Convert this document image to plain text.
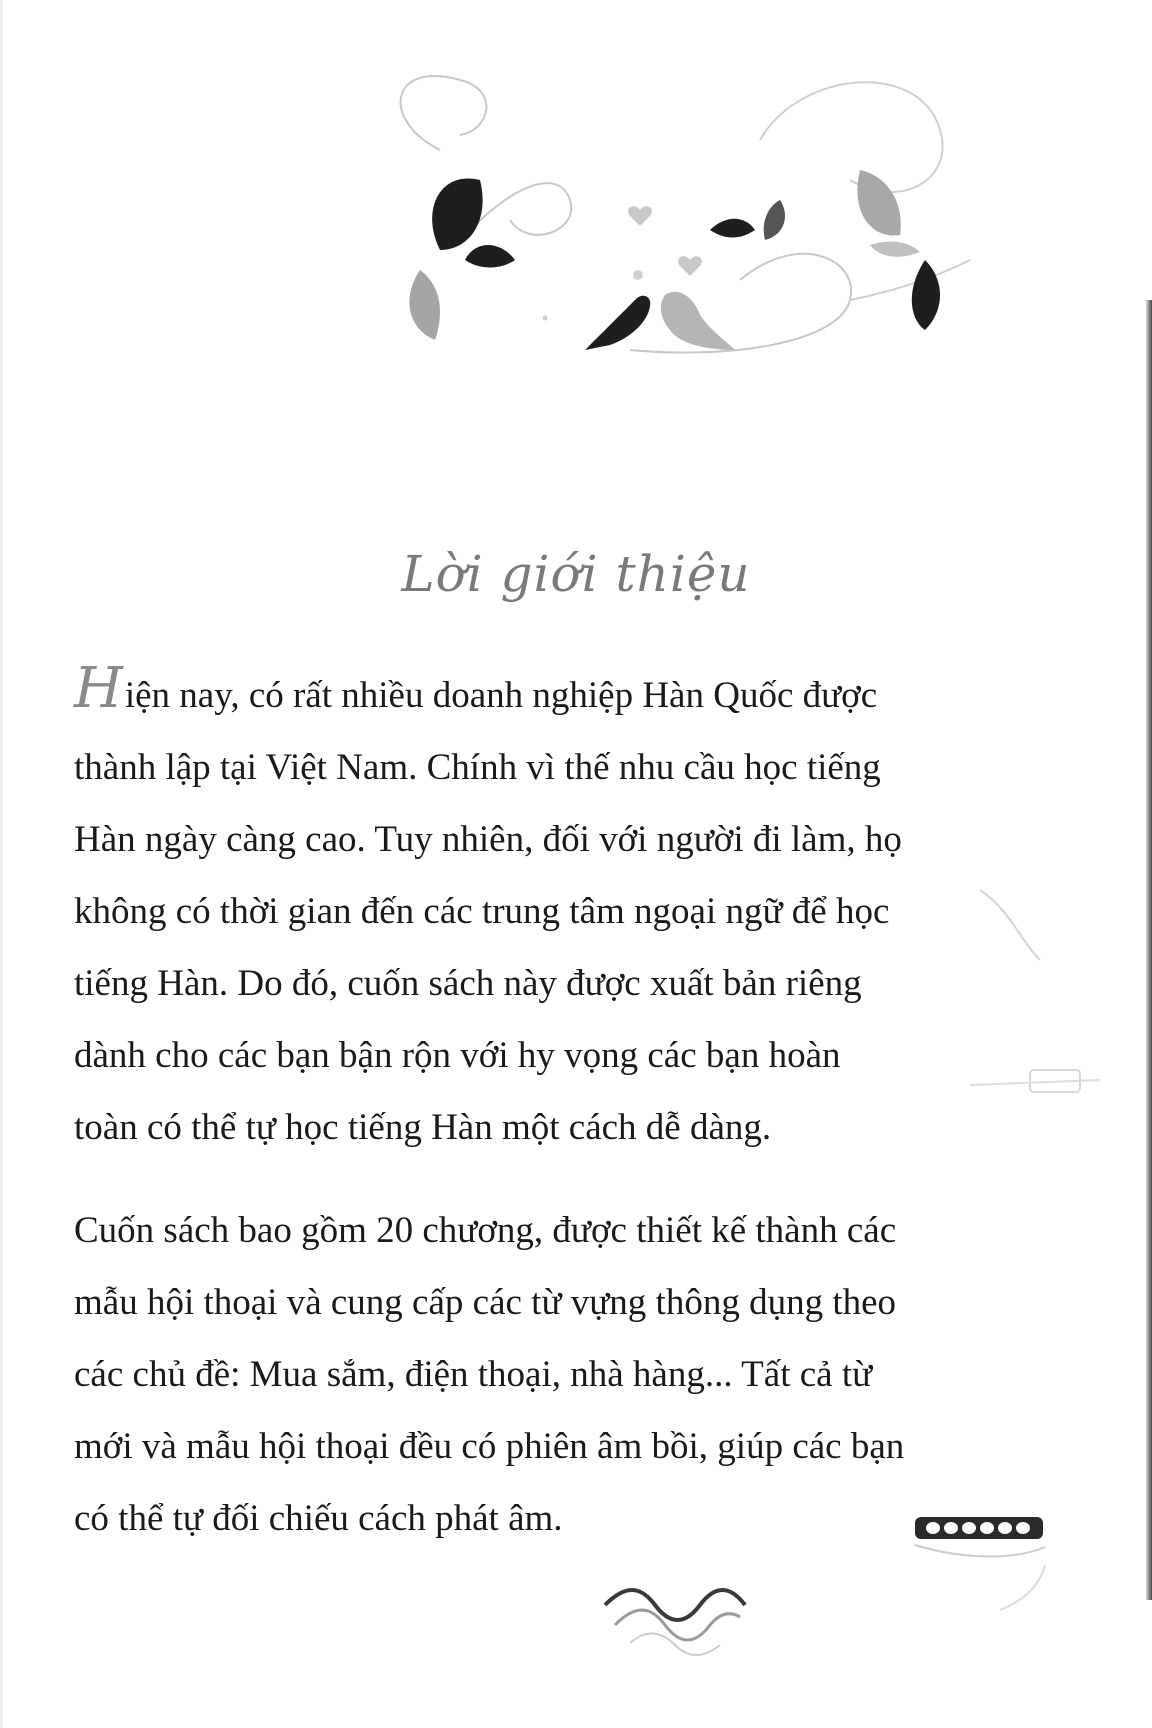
Lời giới thiệu
Hiện nay, có rất nhiều doanh nghiệp Hàn Quốc được
thành lập tại Việt Nam. Chính vì thế nhu cầu học tiếng
Hàn ngày càng cao. Tuy nhiên, đối với người đi làm, họ
không có thời gian đến các trung tâm ngoại ngữ để học
tiếng Hàn. Do đó, cuốn sách này được xuất bản riêng
dành cho các bạn bận rộn với hy vọng các bạn hoàn
toàn có thể tự học tiếng Hàn một cách dễ dàng.
Cuốn sách bao gồm 20 chương, được thiết kế thành các
mẫu hội thoại và cung cấp các từ vựng thông dụng theo
các chủ đề: Mua sắm, điện thoại, nhà hàng... Tất cả từ
mới và mẫu hội thoại đều có phiên âm bồi, giúp các bạn
có thể tự đối chiếu cách phát âm.
